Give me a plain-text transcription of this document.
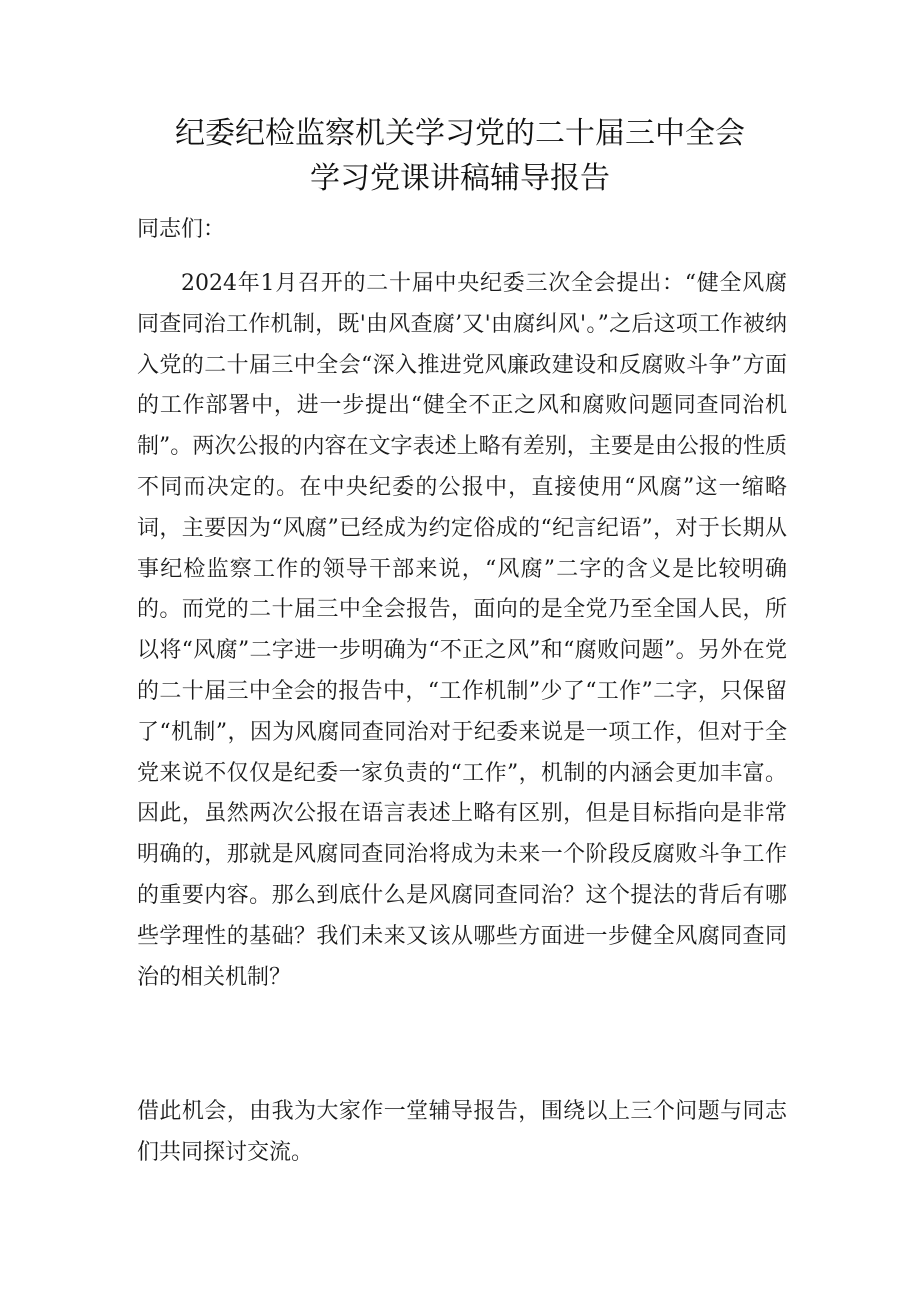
纪委纪检监察机关学习党的二十届三中全会
学习党课讲稿辅导报告
同志们：
2024年1月召开的二十届中央纪委三次全会提出：“健全风腐同查同治工作机制，既'由风查腐’又'由腐纠风'。”之后这项工作被纳入党的二十届三中全会“深入推进党风廉政建设和反腐败斗争”方面的工作部署中，进一步提出“健全不正之风和腐败问题同查同治机制”。两次公报的内容在文字表述上略有差别，主要是由公报的性质不同而决定的。在中央纪委的公报中，直接使用“风腐”这一缩略词，主要因为“风腐”已经成为约定俗成的“纪言纪语”，对于长期从事纪检监察工作的领导干部来说，“风腐”二字的含义是比较明确的。而党的二十届三中全会报告，面向的是全党乃至全国人民，所以将“风腐”二字进一步明确为“不正之风”和“腐败问题”。另外在党的二十届三中全会的报告中，“工作机制”少了“工作”二字，只保留了“机制”，因为风腐同查同治对于纪委来说是一项工作，但对于全党来说不仅仅是纪委一家负责的“工作”，机制的内涵会更加丰富。因此，虽然两次公报在语言表述上略有区别，但是目标指向是非常明确的，那就是风腐同查同治将成为未来一个阶段反腐败斗争工作的重要内容。那么到底什么是风腐同查同治？这个提法的背后有哪些学理性的基础？我们未来又该从哪些方面进一步健全风腐同查同治的相关机制？
借此机会，由我为大家作一堂辅导报告，围绕以上三个问题与同志们共同探讨交流。
